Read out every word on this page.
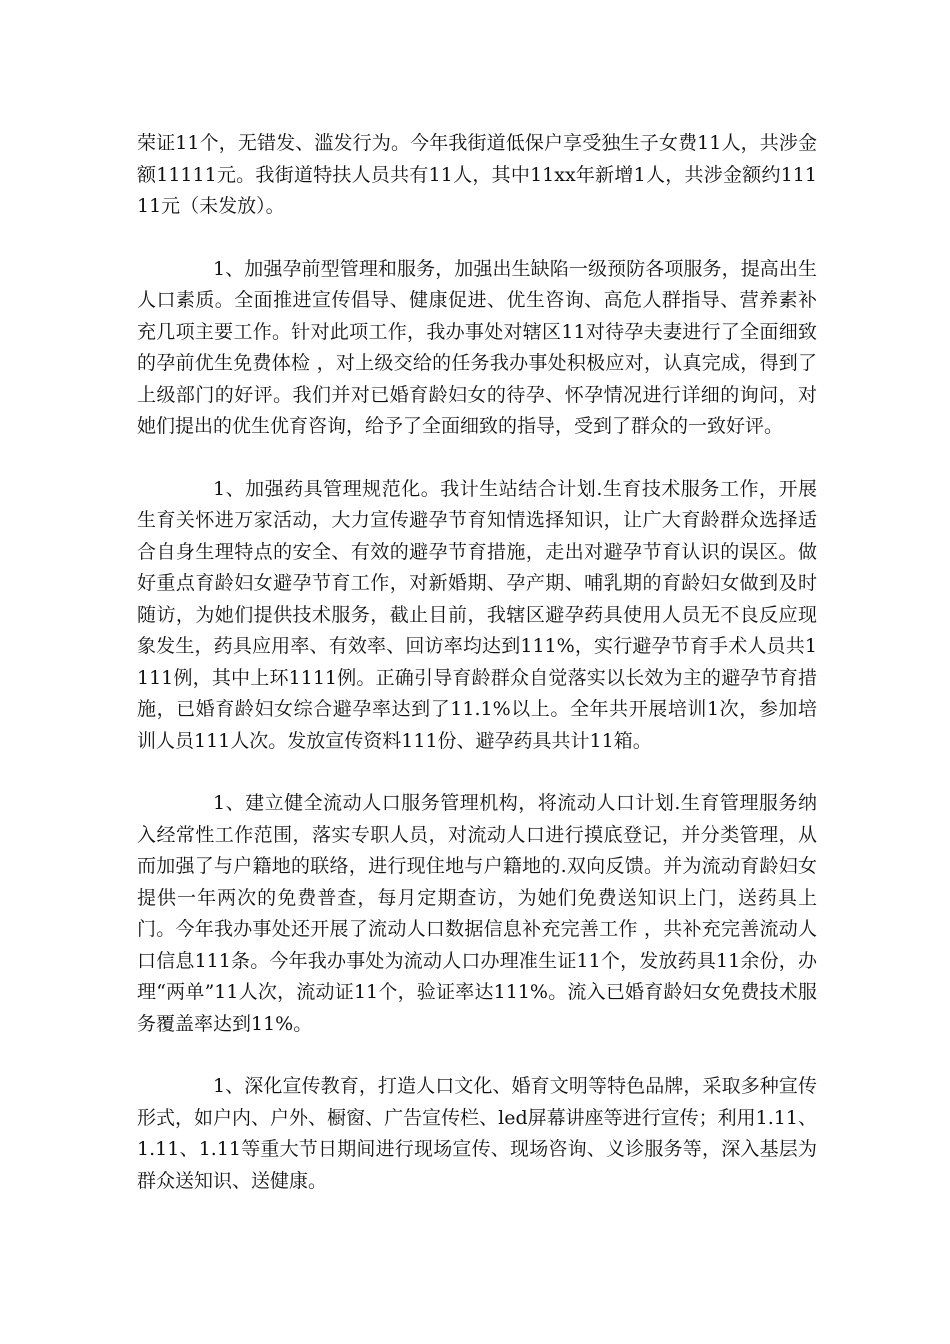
荣证11个，无错发、滥发行为。今年我街道低保户享受独生子女费11人，共涉金额11111元。我街道特扶人员共有11人，其中11xx年新增1人，共涉金额约11111元（未发放）。

1、加强孕前型管理和服务，加强出生缺陷一级预防各项服务，提高出生人口素质。全面推进宣传倡导、健康促进、优生咨询、高危人群指导、营养素补充几项主要工作。针对此项工作，我办事处对辖区11对待孕夫妻进行了全面细致的孕前优生免费体检 ，对上级交给的任务我办事处积极应对，认真完成，得到了上级部门的好评。我们并对已婚育龄妇女的待孕、怀孕情况进行详细的询问，对她们提出的优生优育咨询，给予了全面细致的指导，受到了群众的一致好评。

1、加强药具管理规范化。我计生站结合计划.生育技术服务工作，开展生育关怀进万家活动，大力宣传避孕节育知情选择知识，让广大育龄群众选择适合自身生理特点的安全、有效的避孕节育措施，走出对避孕节育认识的误区。做好重点育龄妇女避孕节育工作，对新婚期、孕产期、哺乳期的育龄妇女做到及时随访，为她们提供技术服务，截止目前，我辖区避孕药具使用人员无不良反应现象发生，药具应用率、有效率、回访率均达到111%，实行避孕节育手术人员共1111例，其中上环1111例。正确引导育龄群众自觉落实以长效为主的避孕节育措施，已婚育龄妇女综合避孕率达到了11.1%以上。全年共开展培训1次，参加培训人员111人次。发放宣传资料111份、避孕药具共计11箱。

1、建立健全流动人口服务管理机构，将流动人口计划.生育管理服务纳入经常性工作范围，落实专职人员，对流动人口进行摸底登记，并分类管理，从而加强了与户籍地的联络，进行现住地与户籍地的.双向反馈。并为流动育龄妇女提供一年两次的免费普查，每月定期查访，为她们免费送知识上门，送药具上门。今年我办事处还开展了流动人口数据信息补充完善工作 ，共补充完善流动人口信息111条。今年我办事处为流动人口办理准生证11个，发放药具11余份，办理“两单”11人次，流动证11个，验证率达111%。流入已婚育龄妇女免费技术服务覆盖率达到11%。

1、深化宣传教育，打造人口文化、婚育文明等特色品牌，采取多种宣传形式，如户内、户外、橱窗、广告宣传栏、led屏幕讲座等进行宣传；利用1.11、1.11、1.11等重大节日期间进行现场宣传、现场咨询、义诊服务等，深入基层为群众送知识、送健康。
